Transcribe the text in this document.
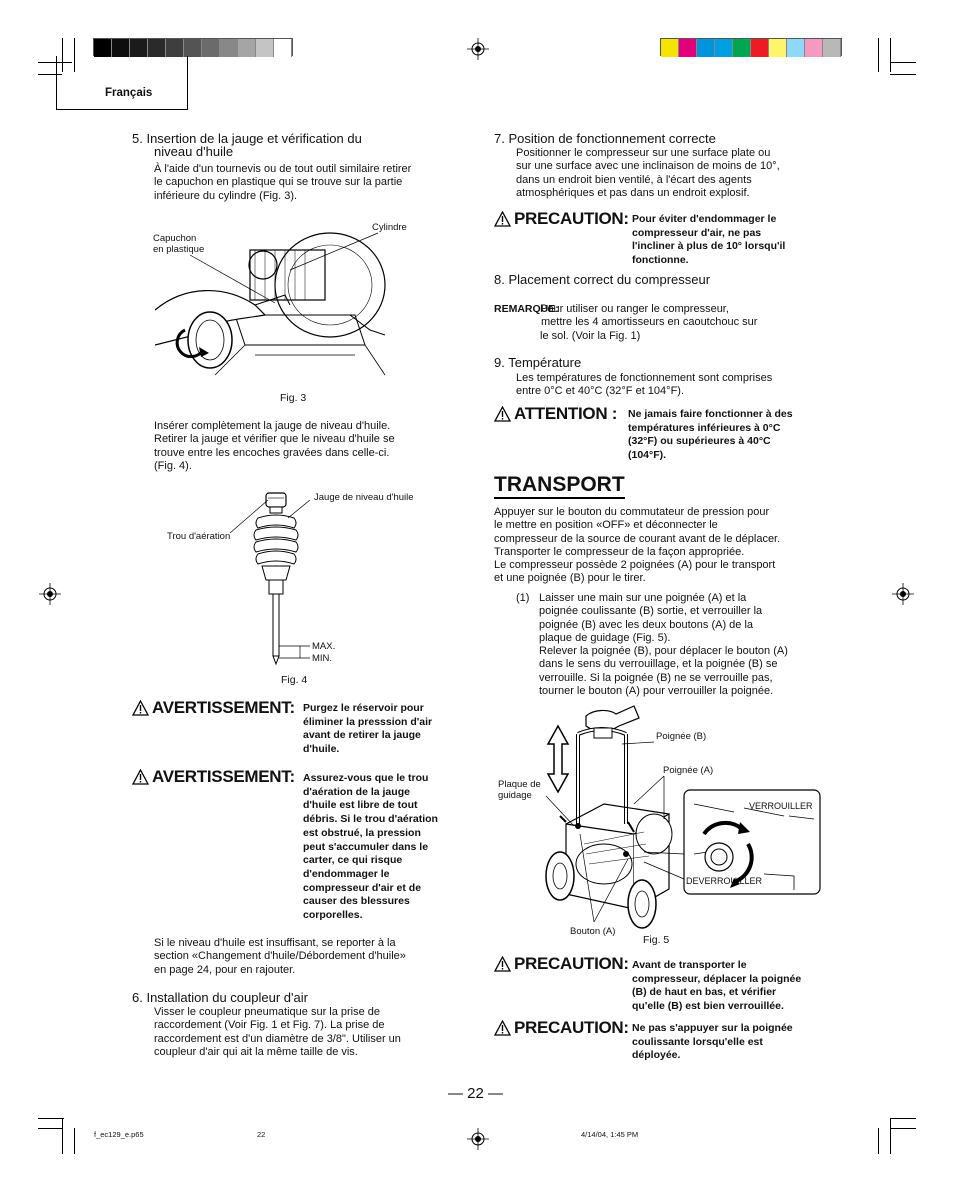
Français
5. Insertion de la jauge et vérification du
niveau d'huile
À l'aide d'un tournevis ou de tout outil similaire retirer
le capuchon en plastique qui se trouve sur la partie
inférieure du cylindre (Fig. 3).
Capuchon
en plastique
Cylindre
Fig. 3
Insérer complètement la jauge de niveau d'huile.
Retirer la jauge et vérifier que le niveau d'huile se
trouve entre les encoches gravées dans celle-ci.
(Fig. 4).
Jauge de niveau d'huile
Trou d'aération
MAX.
MIN.
Fig. 4
AVERTISSEMENT: Purgez le réservoir pour
éliminer la presssion d'air
avant de retirer la jauge
d'huile.
AVERTISSEMENT: Assurez-vous que le trou
d'aération de la jauge
d'huile est libre de tout
débris. Si le trou d'aération
est obstrué, la pression
peut s'accumuler dans le
carter, ce qui risque
d'endommager le
compresseur d'air et de
causer des blessures
corporelles.
Si le niveau d'huile est insuffisant, se reporter à la
section «Changement d'huile/Débordement d'huile»
en page 24, pour en rajouter.
6. Installation du coupleur d'air
Visser le coupleur pneumatique sur la prise de
raccordement (Voir Fig. 1 et Fig. 7). La prise de
raccordement est d'un diamètre de 3/8". Utiliser un
coupleur d'air qui ait la même taille de vis.
7. Position de fonctionnement correcte
Positionner le compresseur sur une surface plate ou
sur une surface avec une inclinaison de moins de 10°,
dans un endroit bien ventilé, à l'écart des agents
atmosphériques et pas dans un endroit explosif.
PRECAUTION: Pour éviter d'endommager le
compresseur d'air, ne pas
l'incliner à plus de 10° lorsqu'il
fonctionne.
8. Placement correct du compresseur
REMARQUE:
Pour utiliser ou ranger le compresseur,
mettre les 4 amortisseurs en caoutchouc sur
le sol. (Voir la Fig. 1)
9. Température
Les températures de fonctionnement sont comprises
entre 0°C et 40°C (32°F et 104°F).
ATTENTION : Ne jamais faire fonctionner à des
températures inférieures à 0°C
(32°F) ou supérieures à 40°C
(104°F).
TRANSPORT
Appuyer sur le bouton du commutateur de pression pour
le mettre en position «OFF» et déconnecter le
compresseur de la source de courant avant de le déplacer.
Transporter le compresseur de la façon appropriée.
Le compresseur possède 2 poignées (A) pour le transport
et une poignée (B) pour le tirer.
(1) Laisser une main sur une poignée (A) et la
poignée coulissante (B) sortie, et verrouiller la
poignée (B) avec les deux boutons (A) de la
plaque de guidage (Fig. 5).
Relever la poignée (B), pour déplacer le bouton (A)
dans le sens du verrouillage, et la poignée (B) se
verrouille. Si la poignée (B) ne se verrouille pas,
tourner le bouton (A) pour verrouiller la poignée.
Poignée (B)
Poignée (A)
Plaque de
guidage
VERROUILLER
DEVERROUILLER
Bouton (A)
Fig. 5
PRECAUTION: Avant de transporter le
compresseur, déplacer la poignée
(B) de haut en bas, et vérifier
qu'elle (B) est bien verrouillée.
PRECAUTION: Ne pas s'appuyer sur la poignée
coulissante lorsqu'elle est
déployée.
— 22 —
f_ec129_e.p65	22	4/14/04, 1:45 PM
